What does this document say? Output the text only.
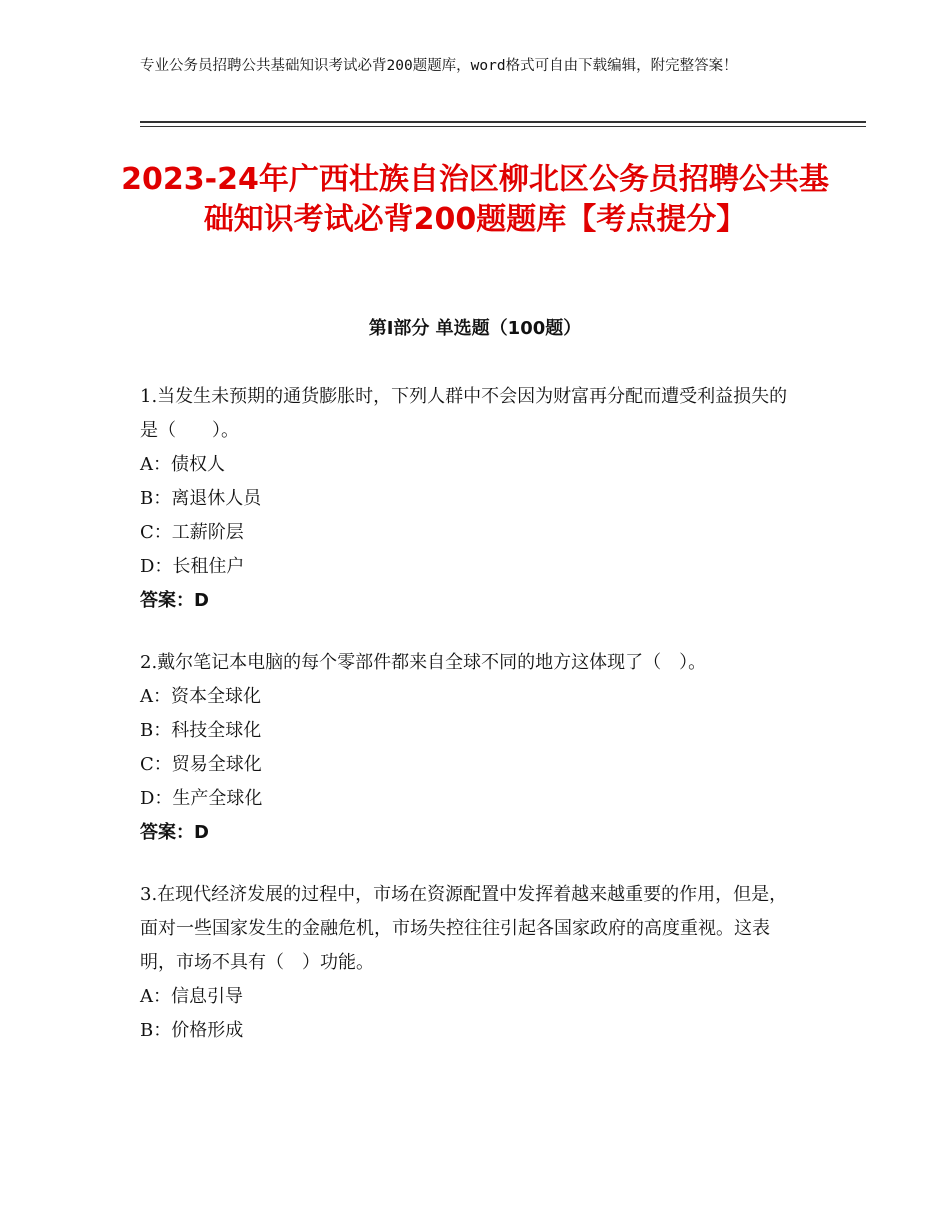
专业公务员招聘公共基础知识考试必背200题题库，word格式可自由下载编辑，附完整答案！
2023-24年广西壮族自治区柳北区公务员招聘公共基础知识考试必背200题题库【考点提分】
第Ⅰ部分 单选题（100题）

1.当发生未预期的通货膨胀时，下列人群中不会因为财富再分配而遭受利益损失的是（　　）。

A：债权人

B：离退休人员

C：工薪阶层

D：长租住户

答案：D

2.戴尔笔记本电脑的每个零部件都来自全球不同的地方这体现了（　）。

A：资本全球化

B：科技全球化

C：贸易全球化

D：生产全球化

答案：D

3.在现代经济发展的过程中，市场在资源配置中发挥着越来越重要的作用，但是，面对一些国家发生的金融危机，市场失控往往引起各国家政府的高度重视。这表明，市场不具有（　）功能。

A：信息引导

B：价格形成
